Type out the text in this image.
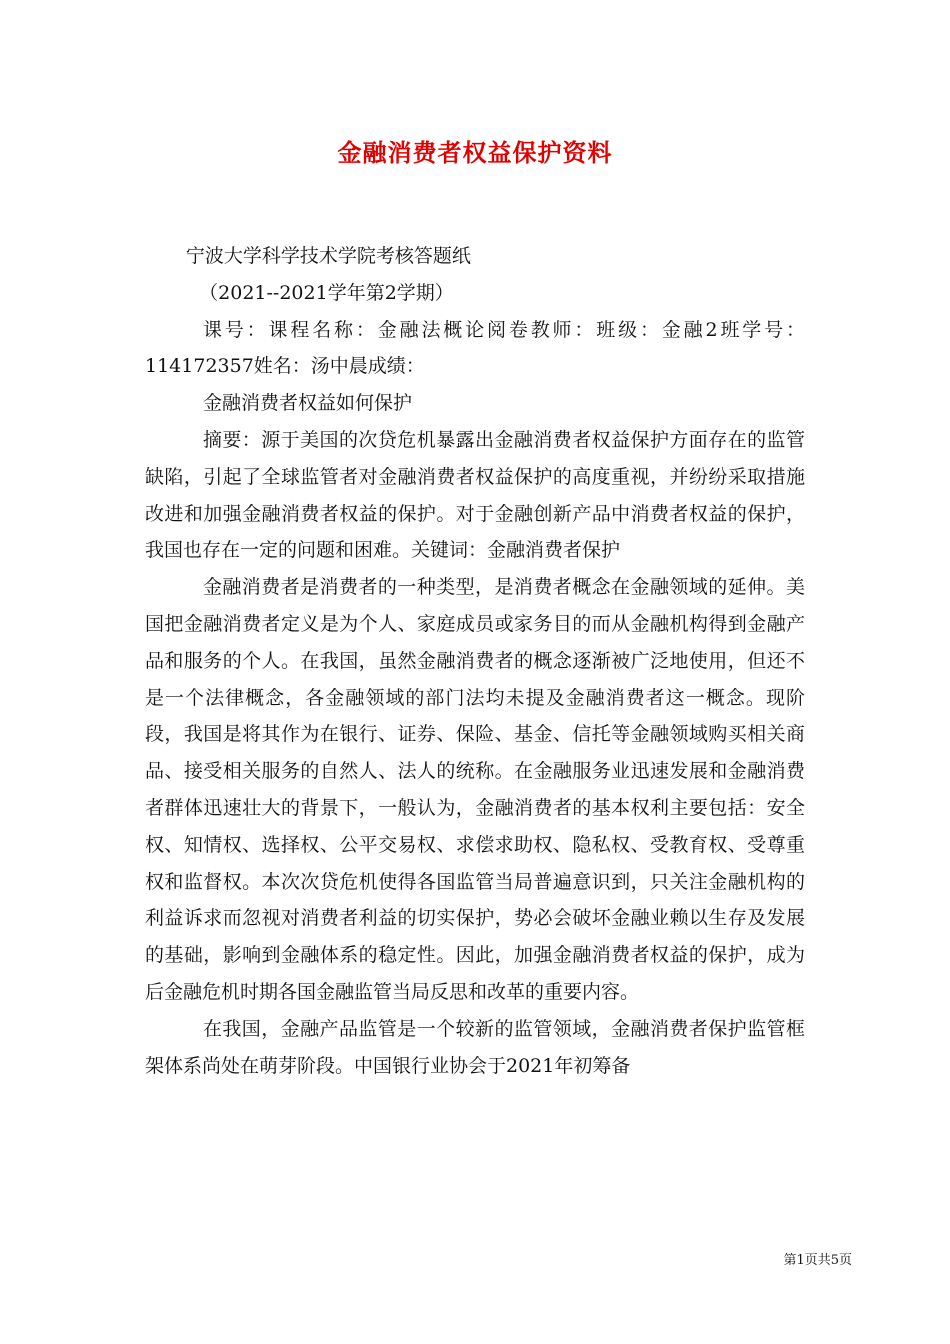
金融消费者权益保护资料

宁波大学科学技术学院考核答题纸

（2021--2021学年第2学期）

课号：课程名称：金融法概论阅卷教师：班级：金融2班学号：114172357姓名：汤中晨成绩：

金融消费者权益如何保护

摘要：源于美国的次贷危机暴露出金融消费者权益保护方面存在的监管缺陷，引起了全球监管者对金融消费者权益保护的高度重视，并纷纷采取措施改进和加强金融消费者权益的保护。对于金融创新产品中消费者权益的保护，我国也存在一定的问题和困难。关键词：金融消费者保护

金融消费者是消费者的一种类型，是消费者概念在金融领域的延伸。美国把金融消费者定义是为个人、家庭成员或家务目的而从金融机构得到金融产品和服务的个人。在我国，虽然金融消费者的概念逐渐被广泛地使用，但还不是一个法律概念，各金融领域的部门法均未提及金融消费者这一概念。现阶段，我国是将其作为在银行、证券、保险、基金、信托等金融领域购买相关商品、接受相关服务的自然人、法人的统称。在金融服务业迅速发展和金融消费者群体迅速壮大的背景下，一般认为，金融消费者的基本权利主要包括：安全权、知情权、选择权、公平交易权、求偿求助权、隐私权、受教育权、受尊重权和监督权。本次次贷危机使得各国监管当局普遍意识到，只关注金融机构的利益诉求而忽视对消费者利益的切实保护，势必会破坏金融业赖以生存及发展的基础，影响到金融体系的稳定性。因此，加强金融消费者权益的保护，成为后金融危机时期各国金融监管当局反思和改革的重要内容。

在我国，金融产品监管是一个较新的监管领域，金融消费者保护监管框架体系尚处在萌芽阶段。中国银行业协会于2021年初筹备

第1页共5页
